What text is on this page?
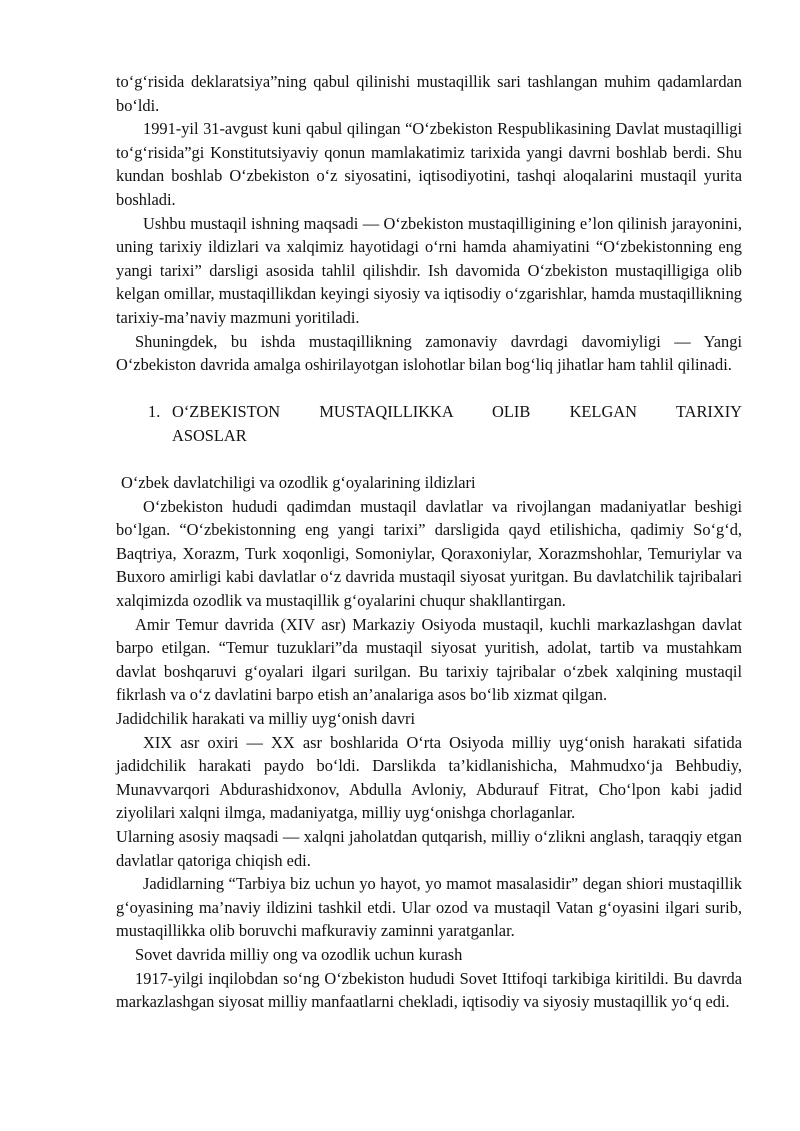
to‘g‘risida deklaratsiya”ning qabul qilinishi mustaqillik sari tashlangan muhim qadamlardan bo‘ldi.

1991-yil 31-avgust kuni qabul qilingan “O‘zbekiston Respublikasining Davlat mustaqilligi to‘g‘risida”gi Konstitutsiyaviy qonun mamlakatimiz tarixida yangi davrni boshlab berdi. Shu kundan boshlab O‘zbekiston o‘z siyosatini, iqtisodiyotini, tashqi aloqalarini mustaqil yurita boshladi.

Ushbu mustaqil ishning maqsadi — O‘zbekiston mustaqilligining e’lon qilinish jarayonini, uning tarixiy ildizlari va xalqimiz hayotidagi o‘rni hamda ahamiyatini “O‘zbekistonning eng yangi tarixi” darsligi asosida tahlil qilishdir. Ish davomida O‘zbekiston mustaqilligiga olib kelgan omillar, mustaqillikdan keyingi siyosiy va iqtisodiy o‘zgarishlar, hamda mustaqillikning tarixiy-ma’naviy mazmuni yoritiladi.

Shuningdek, bu ishda mustaqillikning zamonaviy davrdagi davomiyligi — Yangi O‘zbekiston davrida amalga oshirilayotgan islohotlar bilan bog‘liq jihatlar ham tahlil qilinadi.

1. O‘ZBEKISTON MUSTAQILLIKKA OLIB KELGAN TARIXIY
ASOSLAR

O‘zbek davlatchiligi va ozodlik g‘oyalarining ildizlari

O‘zbekiston hududi qadimdan mustaqil davlatlar va rivojlangan madaniyatlar beshigi bo‘lgan. “O‘zbekistonning eng yangi tarixi” darsligida qayd etilishicha, qadimiy So‘g‘d, Baqtriya, Xorazm, Turk xoqonligi, Somoniylar, Qoraxoniylar, Xorazmshohlar, Temuriylar va Buxoro amirligi kabi davlatlar o‘z davrida mustaqil siyosat yuritgan. Bu davlatchilik tajribalari xalqimizda ozodlik va mustaqillik g‘oyalarini chuqur shakllantirgan.

Amir Temur davrida (XIV asr) Markaziy Osiyoda mustaqil, kuchli markazlashgan davlat barpo etilgan. “Temur tuzuklari”da mustaqil siyosat yuritish, adolat, tartib va mustahkam davlat boshqaruvi g‘oyalari ilgari surilgan. Bu tarixiy tajribalar o‘zbek xalqining mustaqil fikrlash va o‘z davlatini barpo etish an’analariga asos bo‘lib xizmat qilgan.

Jadidchilik harakati va milliy uyg‘onish davri

XIX asr oxiri — XX asr boshlarida O‘rta Osiyoda milliy uyg‘onish harakati sifatida jadidchilik harakati paydo bo‘ldi. Darslikda ta’kidlanishicha, Mahmudxo‘ja Behbudiy, Munavvarqori Abdurashidxonov, Abdulla Avloniy, Abdurauf Fitrat, Cho‘lpon kabi jadid ziyolilari xalqni ilmga, madaniyatga, milliy uyg‘onishga chorlaganlar.

Ularning asosiy maqsadi — xalqni jaholatdan qutqarish, milliy o‘zlikni anglash, taraqqiy etgan davlatlar qatoriga chiqish edi.

Jadidlarning “Tarbiya biz uchun yo hayot, yo mamot masalasidir” degan shiori mustaqillik g‘oyasining ma’naviy ildizini tashkil etdi. Ular ozod va mustaqil Vatan g‘oyasini ilgari surib, mustaqillikka olib boruvchi mafkuraviy zaminni yaratganlar.

Sovet davrida milliy ong va ozodlik uchun kurash

1917-yilgi inqilobdan so‘ng O‘zbekiston hududi Sovet Ittifoqi tarkibiga kiritildi. Bu davrda markazlashgan siyosat milliy manfaatlarni chekladi, iqtisodiy va siyosiy mustaqillik yo‘q edi.
